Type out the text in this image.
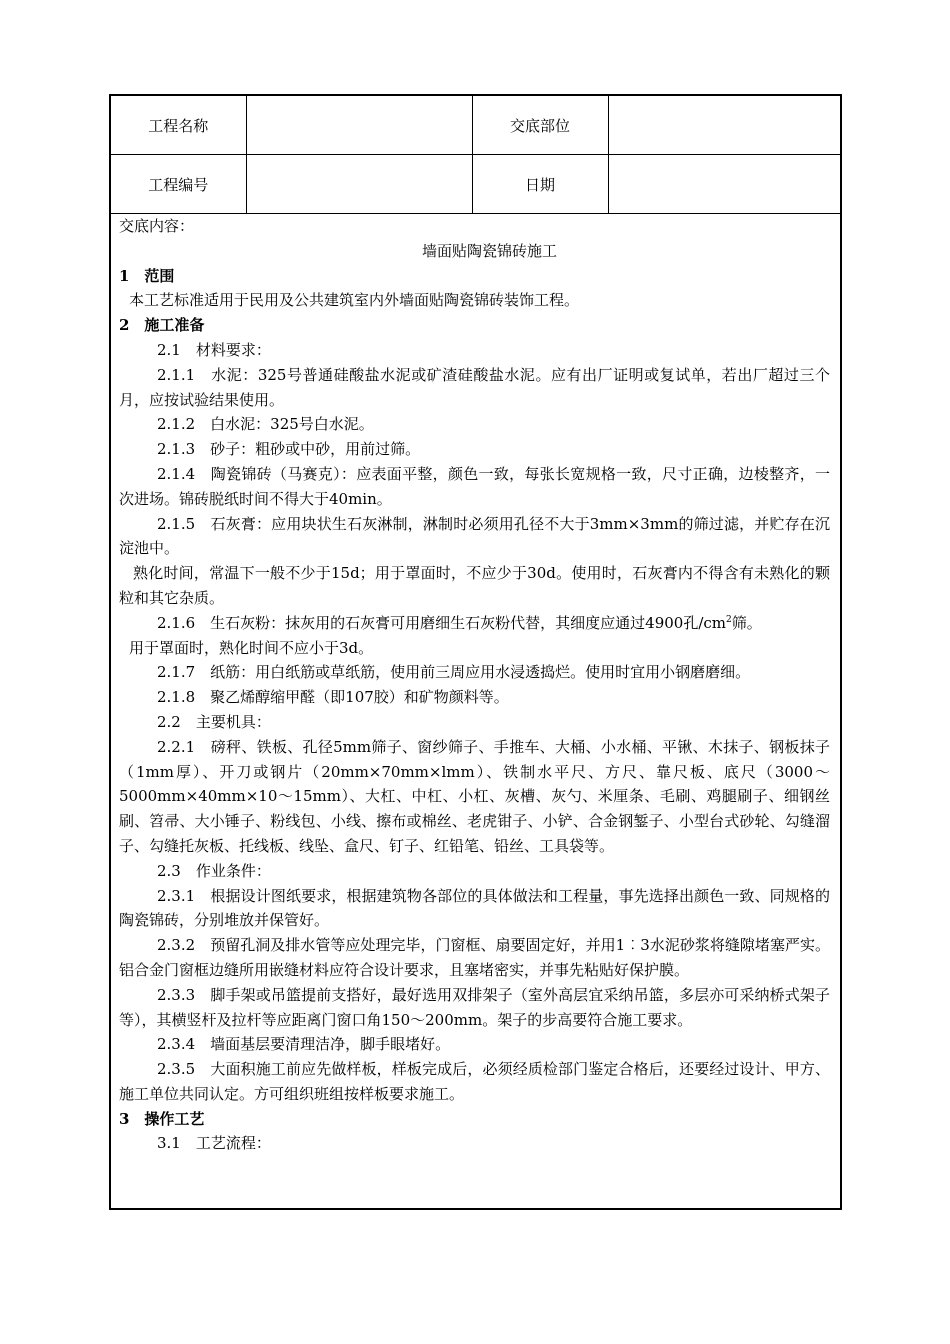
工程名称		交底部位	
工程编号		日期	

交底内容：

墙面贴陶瓷锦砖施工

1　范围

本工艺标准适用于民用及公共建筑室内外墙面贴陶瓷锦砖装饰工程。

2　施工准备

2.1　材料要求：

2.1.1　水泥：325号普通硅酸盐水泥或矿渣硅酸盐水泥。应有出厂证明或复试单，若出厂超过三个月，应按试验结果使用。

2.1.2　白水泥：325号白水泥。

2.1.3　砂子：粗砂或中砂，用前过筛。

2.1.4　陶瓷锦砖（马赛克）：应表面平整，颜色一致，每张长宽规格一致，尺寸正确，边棱整齐，一次进场。锦砖脱纸时间不得大于40min。

2.1.5　石灰膏：应用块状生石灰淋制，淋制时必须用孔径不大于3mm×3mm的筛过滤，并贮存在沉淀池中。

熟化时间，常温下一般不少于15d；用于罩面时，不应少于30d。使用时，石灰膏内不得含有未熟化的颗粒和其它杂质。

2.1.6　生石灰粉：抹灰用的石灰膏可用磨细生石灰粉代替，其细度应通过4900孔$/cm^2$筛。

用于罩面时，熟化时间不应小于3d。

2.1.7　纸筋：用白纸筋或草纸筋，使用前三周应用水浸透捣烂。使用时宜用小钢磨磨细。

2.1.8　聚乙烯醇缩甲醛（即107胶）和矿物颜料等。

2.2　主要机具：

2.2.1　磅秤、铁板、孔径5mm筛子、窗纱筛子、手推车、大桶、小水桶、平锹、木抹子、钢板抹子（1mm厚）、开刀或钢片（20mm×70mm×lmm）、铁制水平尺、方尺、靠尺板、底尺（3000～5000mm×40mm×10～15mm）、大杠、中杠、小杠、灰槽、灰勺、米厘条、毛刷、鸡腿刷子、细钢丝刷、笤帚、大小锤子、粉线包、小线、擦布或棉丝、老虎钳子、小铲、合金钢錾子、小型台式砂轮、勾缝溜子、勾缝托灰板、托线板、线坠、盒尺、钉子、红铅笔、铅丝、工具袋等。

2.3　作业条件：

2.3.1　根据设计图纸要求，根据建筑物各部位的具体做法和工程量，事先选择出颜色一致、同规格的陶瓷锦砖，分别堆放并保管好。

2.3.2　预留孔洞及排水管等应处理完毕，门窗框、扇要固定好，并用1︰3水泥砂浆将缝隙堵塞严实。铝合金门窗框边缝所用嵌缝材料应符合设计要求，且塞堵密实，并事先粘贴好保护膜。

2.3.3　脚手架或吊篮提前支搭好，最好选用双排架子（室外高层宜采纳吊篮，多层亦可采纳桥式架子等），其横竖杆及拉杆等应距离门窗口角150～200mm。架子的步高要符合施工要求。

2.3.4　墙面基层要清理洁净，脚手眼堵好。

2.3.5　大面积施工前应先做样板，样板完成后，必须经质检部门鉴定合格后，还要经过设计、甲方、施工单位共同认定。方可组织班组按样板要求施工。

3　操作工艺

3.1　工艺流程：
